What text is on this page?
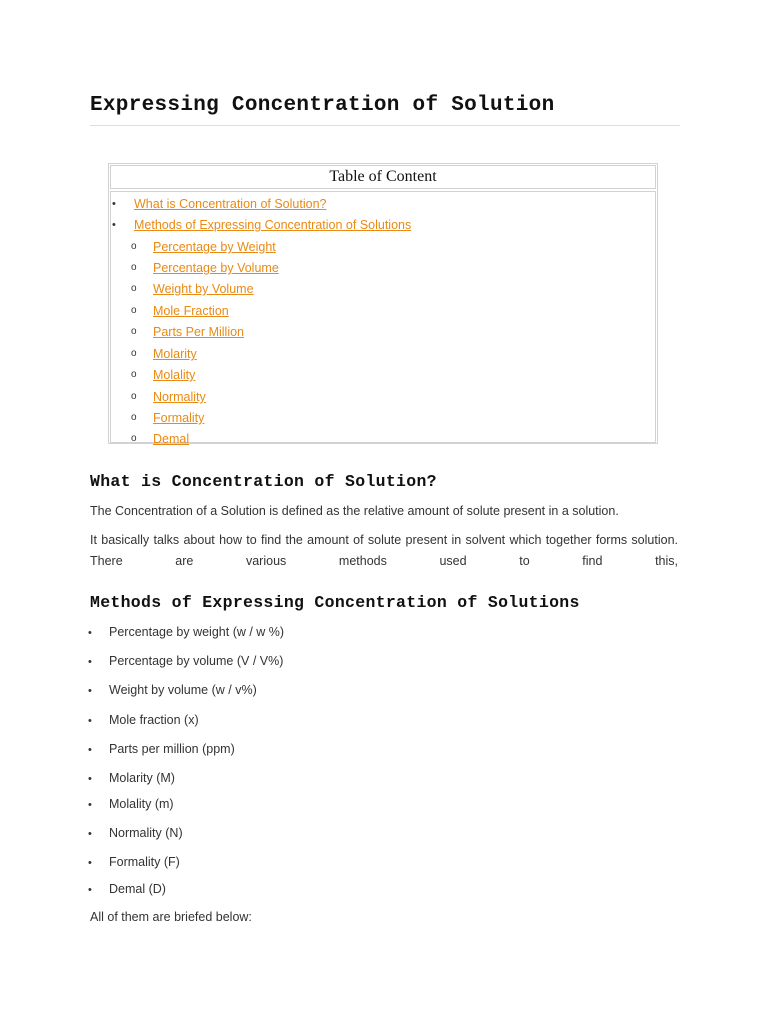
Expressing Concentration of Solution
Table of Content
• What is Concentration of Solution?
• Methods of Expressing Concentration of Solutions
o Percentage by Weight
o Percentage by Volume
o Weight by Volume
o Mole Fraction
o Parts Per Million
o Molarity
o Molality
o Normality
o Formality
o Demal
What is Concentration of Solution?

The Concentration of a Solution is defined as the relative amount of solute present in a solution.

It basically talks about how to find the amount of solute present in solvent which together forms solution. There are various methods used to find this,

Methods of Expressing Concentration of Solutions
• Percentage by weight (w / w %)
• Percentage by volume (V / V%)
• Weight by volume (w / v%)
• Mole fraction (x)
• Parts per million (ppm)
• Molarity (M)
• Molality (m)
• Normality (N)
• Formality (F)
• Demal (D)

All of them are briefed below:
